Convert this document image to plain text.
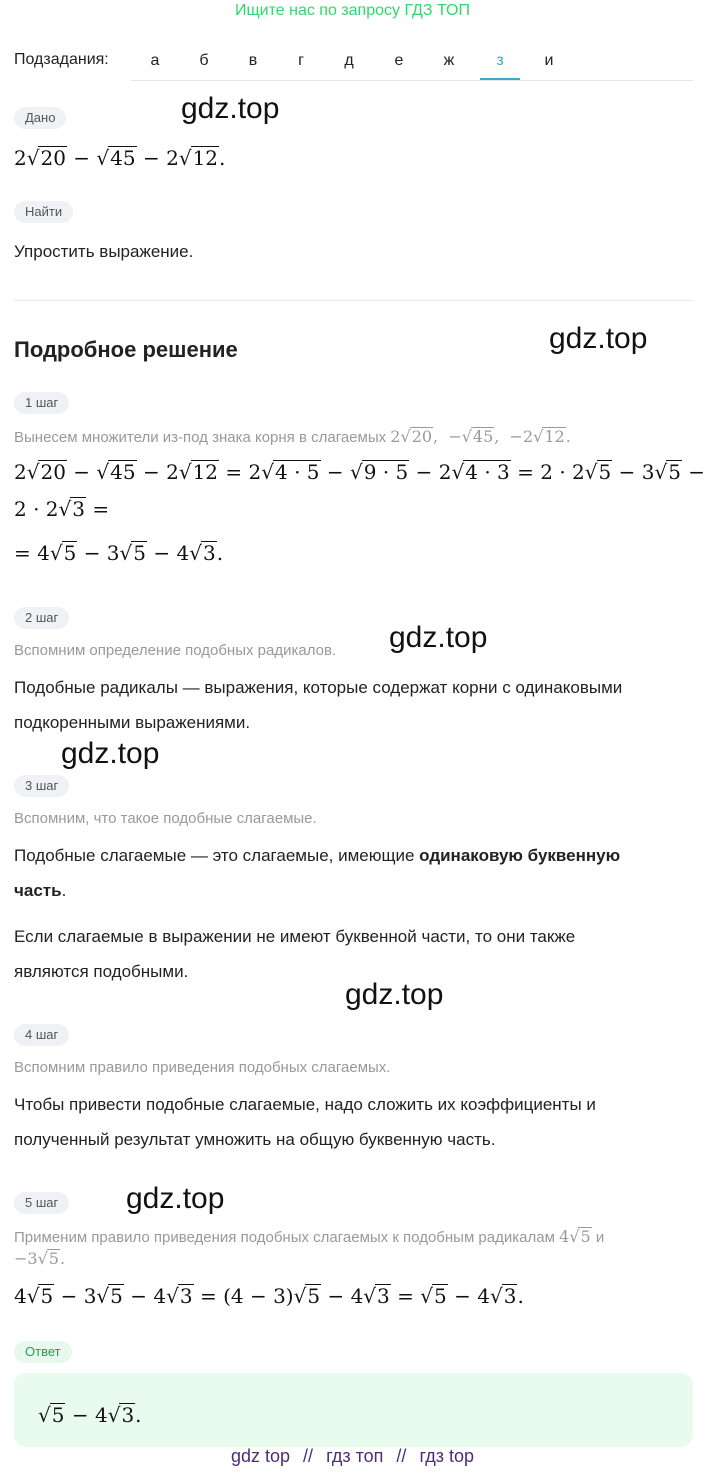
Ищите нас по запросу ГДЗ ТОП
Подзадания:	а	б	в	г	д	е	ж	з	и
Дано	gdz.top
2√20 − √45 − 2√12.
Найти
Упростить выражение.
Подробное решение	gdz.top
1 шаг
Вынесем множители из-под знака корня в слагаемых 2√20,  −√45,  −2√12.
2√20 − √45 − 2√12 = 2√4 · 5 − √9 · 5 − 2√4 · 3 = 2 · 2√5 − 3√5 −
2 · 2√3 =
= 4√5 − 3√5 − 4√3.
2 шаг
gdz.top
Вспомним определение подобных радикалов.
Подобные радикалы — выражения, которые содержат корни с одинаковыми
подкоренными выражениями.
gdz.top
3 шаг
Вспомним, что такое подобные слагаемые.
Подобные слагаемые — это слагаемые, имеющие одинаковую буквенную
часть.
Если слагаемые в выражении не имеют буквенной части, то они также
являются подобными.
gdz.top
4 шаг
Вспомним правило приведения подобных слагаемых.
Чтобы привести подобные слагаемые, надо сложить их коэффициенты и
полученный результат умножить на общую буквенную часть.
5 шаг	gdz.top
Применим правило приведения подобных слагаемых к подобным радикалам 4√5 и
−3√5.
4√5 − 3√5 − 4√3 = (4 − 3)√5 − 4√3 = √5 − 4√3.
Ответ
√5 − 4√3.
gdz top // гдз топ // гдз top
